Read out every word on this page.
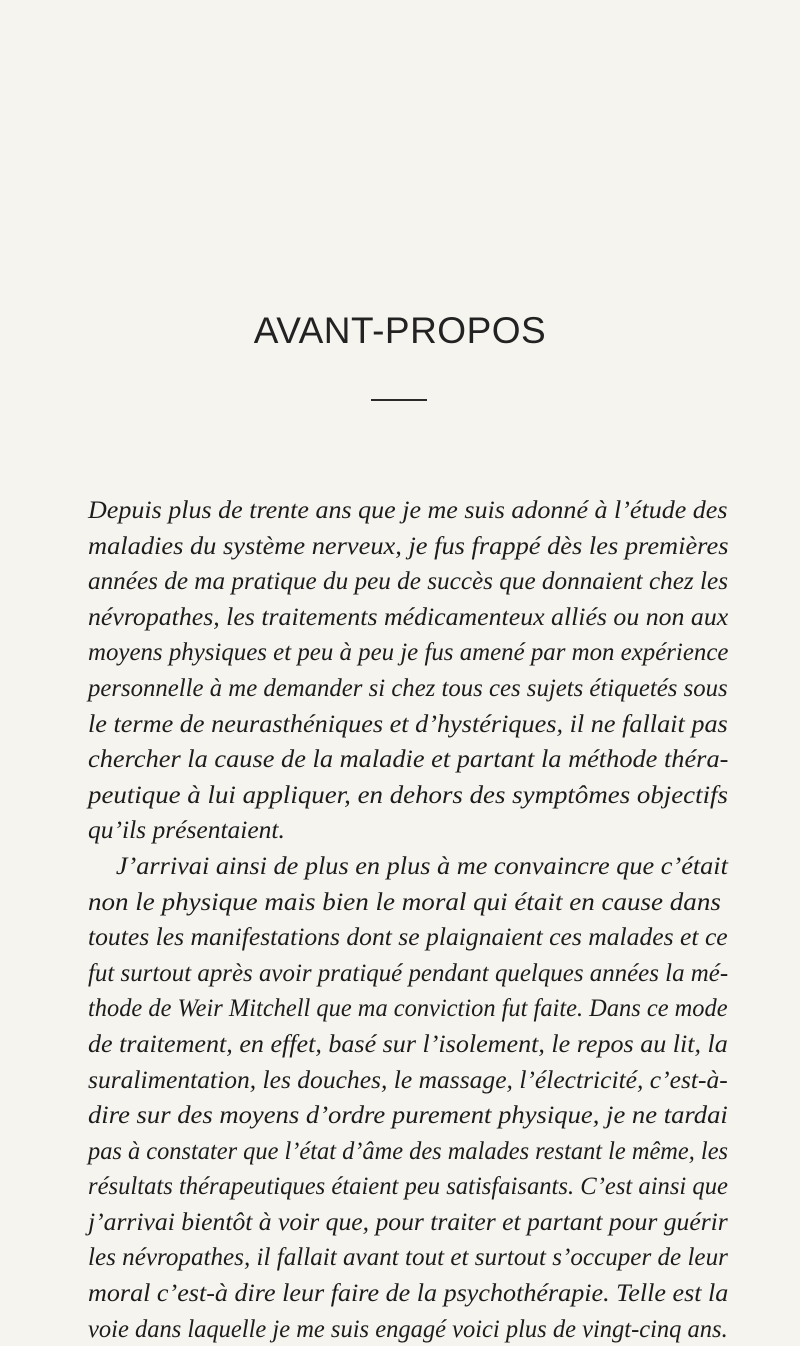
AVANT-PROPOS
Depuis plus de trente ans que je me suis adonné à l’étude des
maladies du système nerveux, je fus frappé dès les premières
années de ma pratique du peu de succès que donnaient chez les
névropathes, les traitements médicamenteux alliés ou non aux
moyens physiques et peu à peu je fus amené par mon expérience
personnelle à me demander si chez tous ces sujets étiquetés sous
le terme de neurasthéniques et d’hystériques, il ne fallait pas
chercher la cause de la maladie et partant la méthode théra-
peutique à lui appliquer, en dehors des symptômes objectifs
qu’ils présentaient.
J’arrivai ainsi de plus en plus à me convaincre que c’était
non le physique mais bien le moral qui était en cause dans
toutes les manifestations dont se plaignaient ces malades et ce
fut surtout après avoir pratiqué pendant quelques années la mé-
thode de Weir Mitchell que ma conviction fut faite. Dans ce mode
de traitement, en effet, basé sur l’isolement, le repos au lit, la
suralimentation, les douches, le massage, l’électricité, c’est-à-
dire sur des moyens d’ordre purement physique, je ne tardai
pas à constater que l’état d’âme des malades restant le même, les
résultats thérapeutiques étaient peu satisfaisants. C’est ainsi que
j’arrivai bientôt à voir que, pour traiter et partant pour guérir
les névropathes, il fallait avant tout et surtout s’occuper de leur
moral c’est-à dire leur faire de la psychothérapie. Telle est la
voie dans laquelle je me suis engagé voici plus de vingt-cinq ans.
